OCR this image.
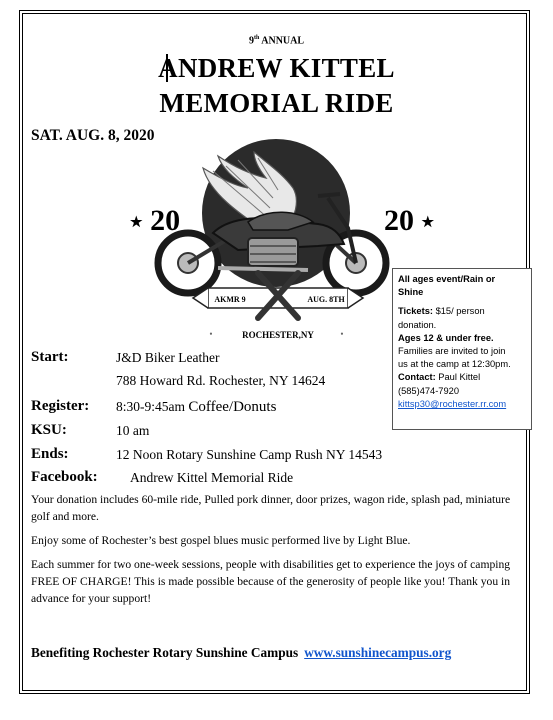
9th ANNUAL
ANDREW KITTEL
MEMORIAL RIDE
SAT. AUG. 8, 2020
AKMR 9	AUG. 8TH
•	ROCHESTER,NY	•
★ 20	20 ★
All ages event/Rain or
Shine
Tickets: $15/ person
donation.
Ages 12 & under free.
Families are invited to join
us at the camp at 12:30pm.
Contact: Paul Kittel
(585)474-7920
kittsp30@rochester.rr.com
Start:	J&D Biker Leather
788 Howard Rd. Rochester, NY 14624
Register: 8:30-9:45am Coffee/Donuts
KSU:	10 am
Ends:	12 Noon Rotary Sunshine Camp Rush NY 14543
Facebook: Andrew Kittel Memorial Ride
Your donation includes 60-mile ride, Pulled pork dinner, door prizes, wagon ride, splash pad, miniature golf and more.
Enjoy some of Rochester’s best gospel blues music performed live by Light Blue.
Each summer for two one-week sessions, people with disabilities get to experience the joys of camping FREE OF CHARGE! This is made possible because of the generosity of people like you! Thank you in advance for your support!
Benefiting Rochester Rotary Sunshine Campus www.sunshinecampus.org
